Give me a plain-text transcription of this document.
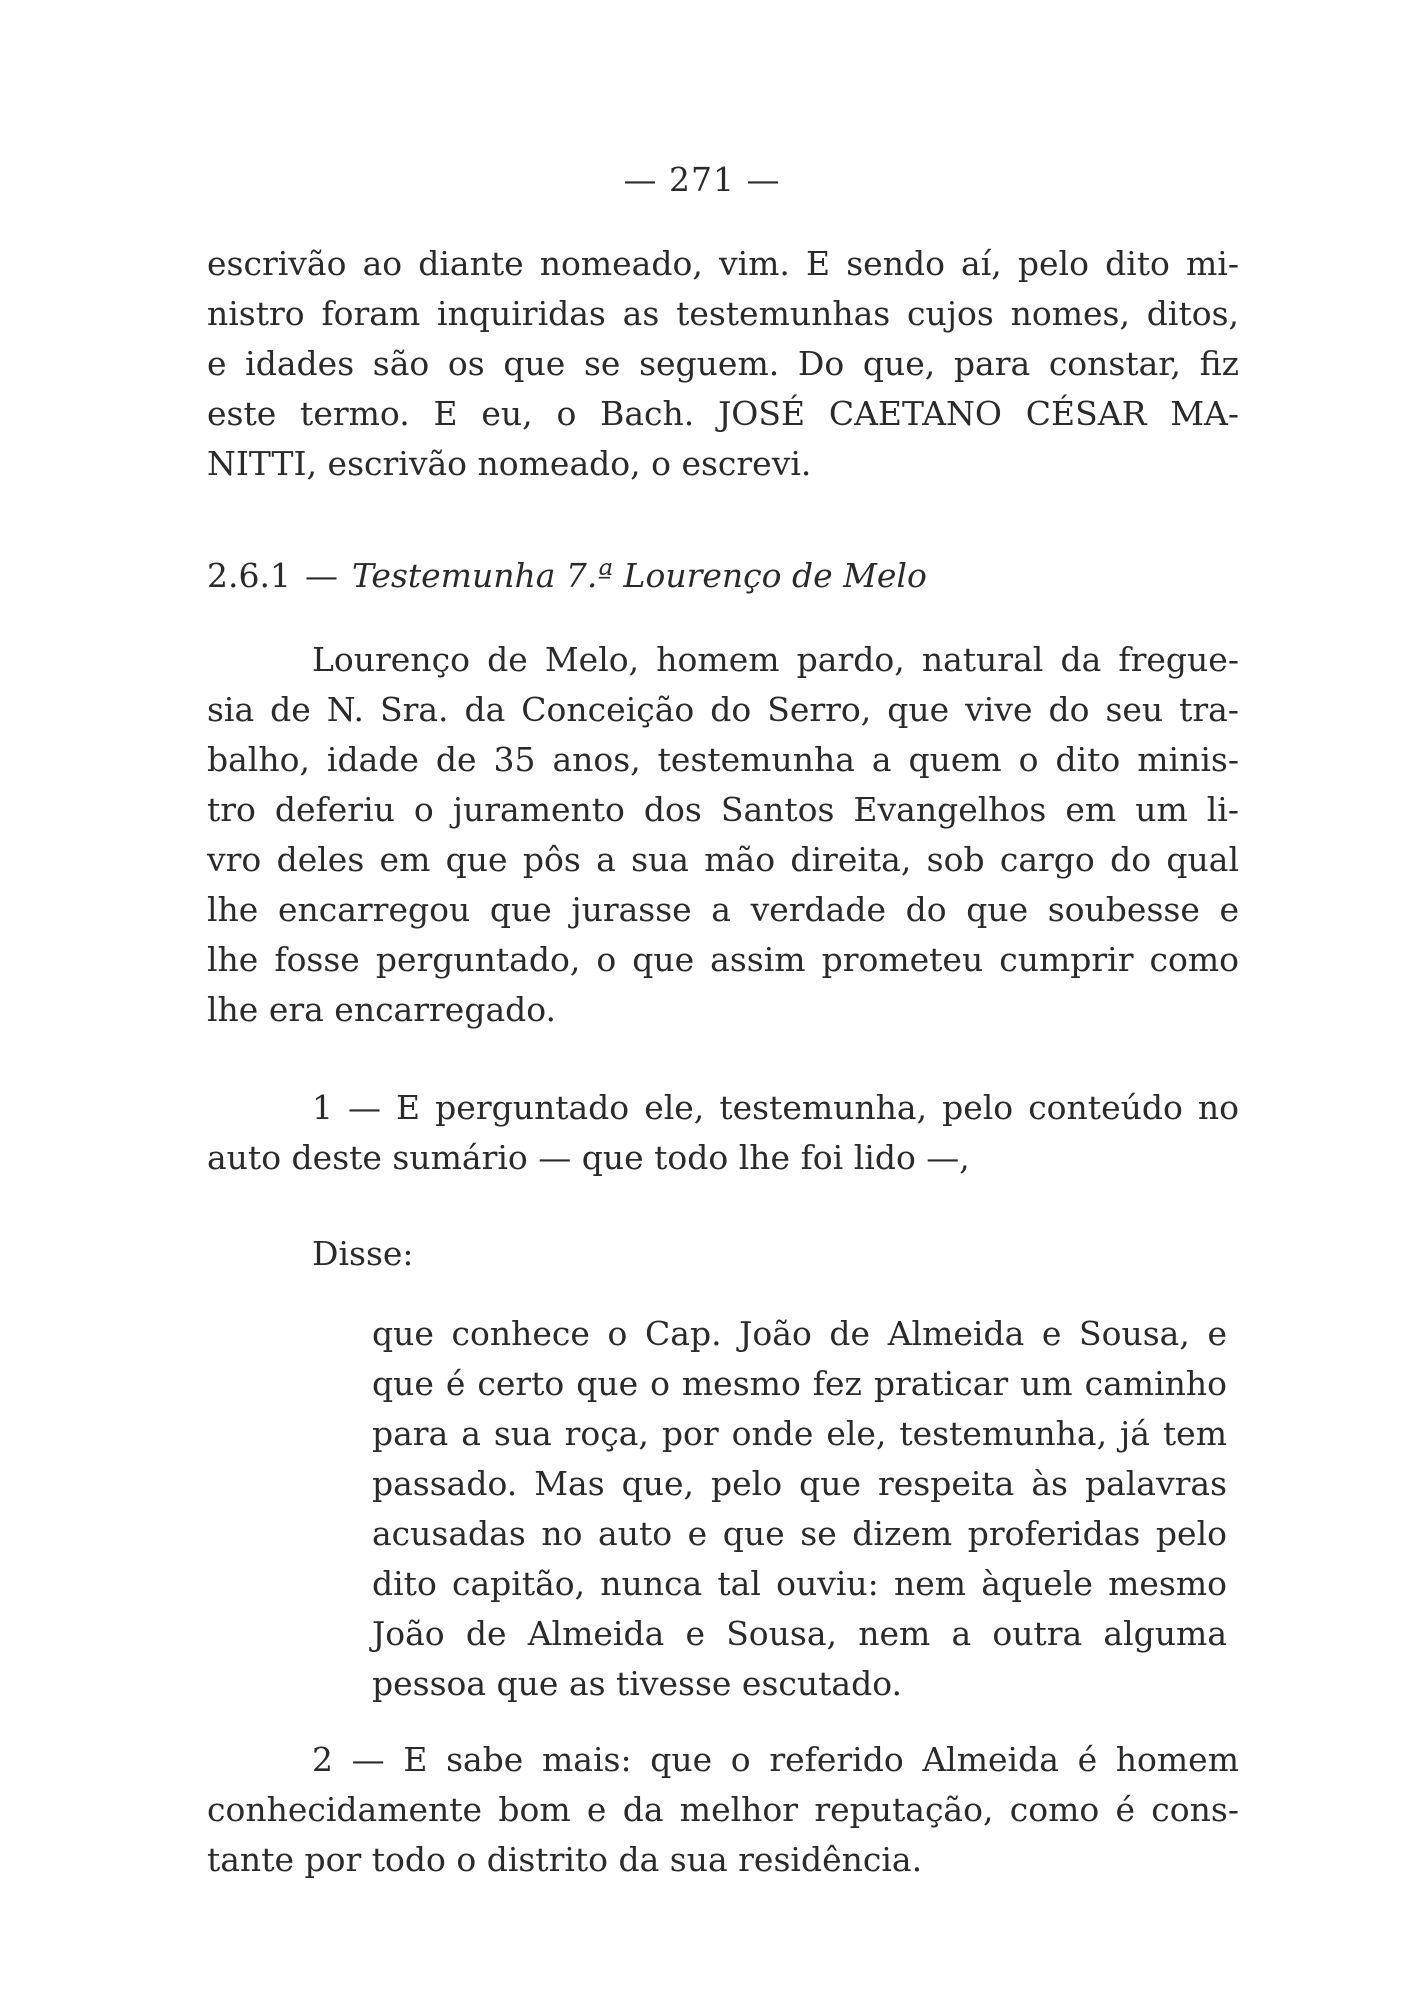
— 271 —
escrivão ao diante nomeado, vim. E sendo aí, pelo dito mi-
nistro foram inquiridas as testemunhas cujos nomes, ditos,
e idades são os que se seguem. Do que, para constar, fiz
este termo. E eu, o Bach. JOSÉ CAETANO CÉSAR MA-
NITTI, escrivão nomeado, o escrevi.
2.6.1 — Testemunha 7.ª Lourenço de Melo
Lourenço de Melo, homem pardo, natural da fregue-
sia de N. Sra. da Conceição do Serro, que vive do seu tra-
balho, idade de 35 anos, testemunha a quem o dito minis-
tro deferiu o juramento dos Santos Evangelhos em um li-
vro deles em que pôs a sua mão direita, sob cargo do qual
lhe encarregou que jurasse a verdade do que soubesse e
lhe fosse perguntado, o que assim prometeu cumprir como
lhe era encarregado.
1 — E perguntado ele, testemunha, pelo conteúdo no
auto deste sumário — que todo lhe foi lido —,
Disse:
que conhece o Cap. João de Almeida e Sousa, e
que é certo que o mesmo fez praticar um caminho
para a sua roça, por onde ele, testemunha, já tem
passado. Mas que, pelo que respeita às palavras
acusadas no auto e que se dizem proferidas pelo
dito capitão, nunca tal ouviu: nem àquele mesmo
João de Almeida e Sousa, nem a outra alguma
pessoa que as tivesse escutado.
2 — E sabe mais: que o referido Almeida é homem
conhecidamente bom e da melhor reputação, como é cons-
tante por todo o distrito da sua residência.
